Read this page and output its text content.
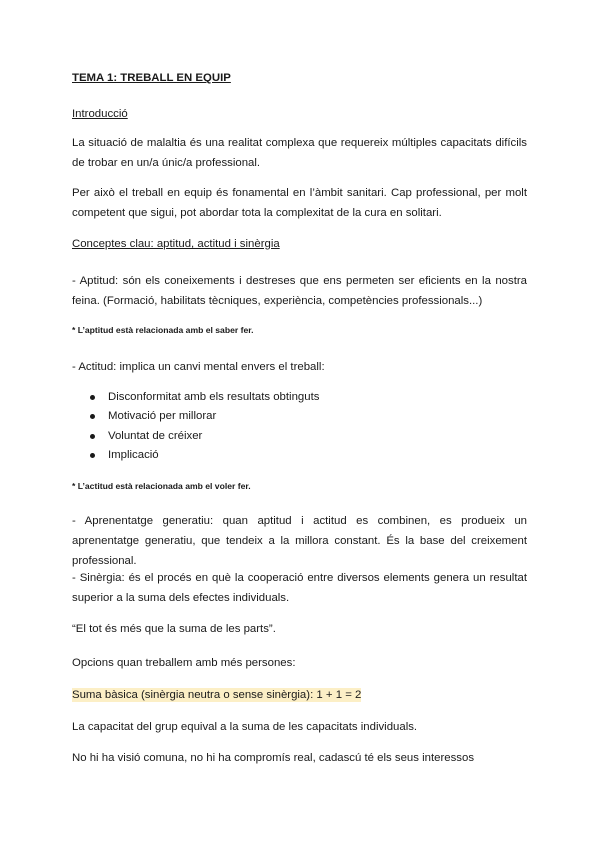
TEMA 1: TREBALL EN EQUIP
Introducció
La situació de malaltia és una realitat complexa que requereix múltiples capacitats difícils de trobar en un/a únic/a professional.
Per això el treball en equip és fonamental en l’àmbit sanitari. Cap professional, per molt competent que sigui, pot abordar tota la complexitat de la cura en solitari.
Conceptes clau: aptitud, actitud i sinèrgia
- Aptitud: són els coneixements i destreses que ens permeten ser eficients en la nostra feina. (Formació, habilitats tècniques, experiència, competències professionals...)
* L’aptitud està relacionada amb el saber fer.
- Actitud: implica un canvi mental envers el treball:
Disconformitat amb els resultats obtinguts
Motivació per millorar
Voluntat de créixer
Implicació
* L’actitud està relacionada amb el voler fer.
- Aprenentatge generatiu: quan aptitud i actitud es combinen, es produeix un aprenentatge generatiu, que tendeix a la millora constant. És la base del creixement professional.
- Sinèrgia: és el procés en què la cooperació entre diversos elements genera un resultat superior a la suma dels efectes individuals.
“El tot és més que la suma de les parts”.
Opcions quan treballem amb més persones:
Suma bàsica (sinèrgia neutra o sense sinèrgia): 1 + 1 = 2
La capacitat del grup equival a la suma de les capacitats individuals.
No hi ha visió comuna, no hi ha compromís real, cadascú té els seus interessos
